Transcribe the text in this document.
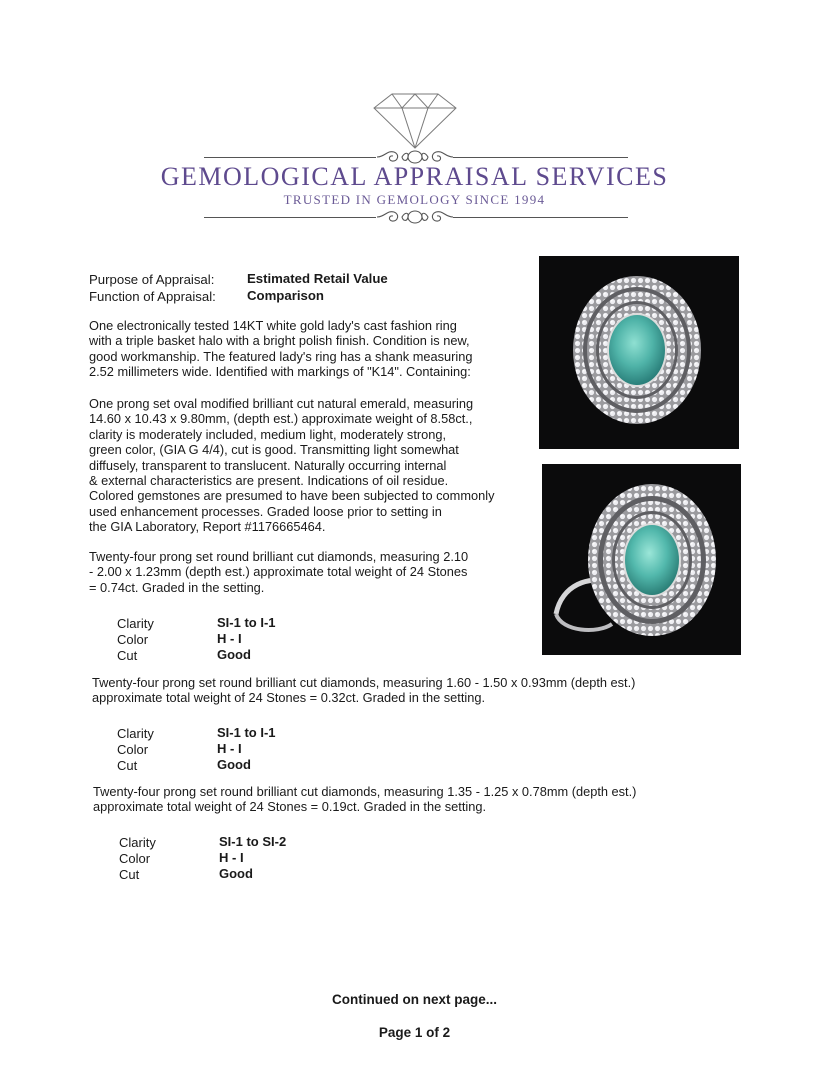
GEMOLOGICAL APPRAISAL SERVICES
TRUSTED IN GEMOLOGY SINCE 1994
Purpose of Appraisal: Estimated Retail Value
Function of Appraisal: Comparison
One electronically tested 14KT white gold lady's cast fashion ring
with a triple basket halo with a bright polish finish. Condition is new,
good workmanship. The featured lady's ring has a shank measuring
2.52 millimeters wide. Identified with markings of "K14". Containing:
One prong set oval modified brilliant cut natural emerald, measuring
14.60 x 10.43 x 9.80mm, (depth est.) approximate weight of 8.58ct.,
clarity is moderately included, medium light, moderately strong,
green color, (GIA G 4/4), cut is good. Transmitting light somewhat
diffusely, transparent to translucent. Naturally occurring internal
& external characteristics are present. Indications of oil residue.
Colored gemstones are presumed to have been subjected to commonly
used enhancement processes. Graded loose prior to setting in
the GIA Laboratory, Report #1176665464.
Twenty-four prong set round brilliant cut diamonds, measuring 2.10
- 2.00 x 1.23mm (depth est.) approximate total weight of 24 Stones
= 0.74ct. Graded in the setting.
Clarity	SI-1 to I-1
Color	H - I
Cut	Good
Twenty-four prong set round brilliant cut diamonds, measuring 1.60 - 1.50 x 0.93mm (depth est.)
approximate total weight of 24 Stones = 0.32ct. Graded in the setting.
Clarity	SI-1 to I-1
Color	H - I
Cut	Good
Twenty-four prong set round brilliant cut diamonds, measuring 1.35 - 1.25 x 0.78mm (depth est.)
approximate total weight of 24 Stones = 0.19ct. Graded in the setting.
Clarity	SI-1 to SI-2
Color	H - I
Cut	Good
Continued on next page...
Page 1 of 2
